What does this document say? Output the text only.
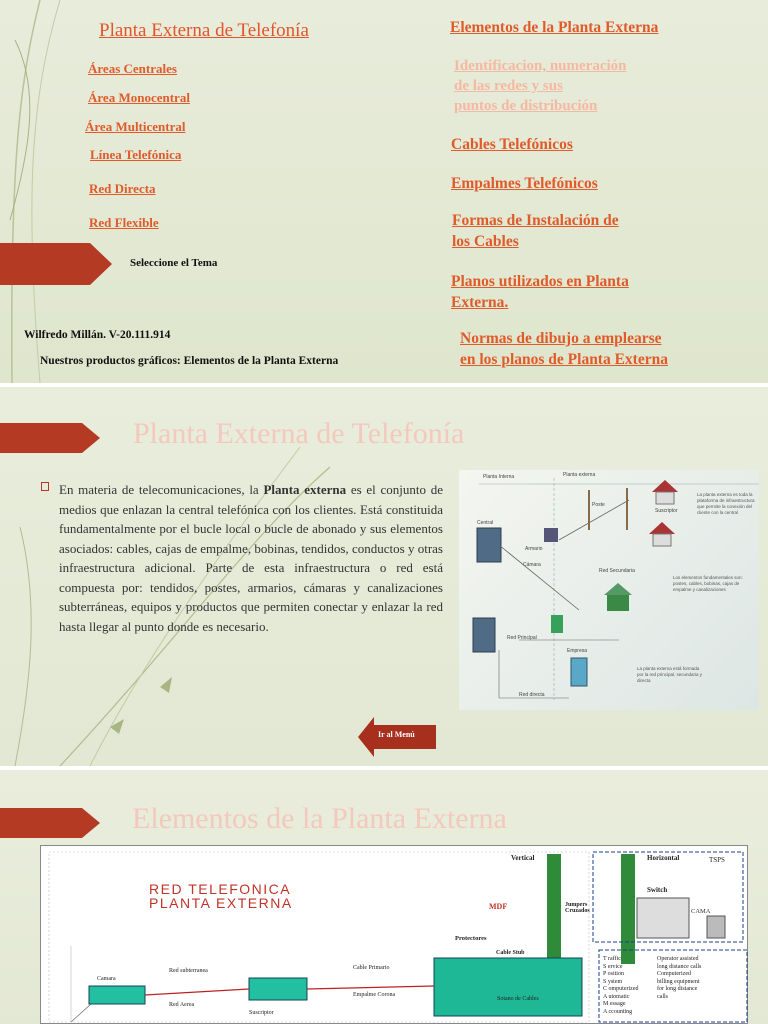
Planta Externa de Telefonía
Áreas Centrales
Área Monocentral
Área Multicentral
Línea Telefónica
Red Directa
Red Flexible
Elementos de la Planta Externa
Identificacion, numeración
de las redes y sus
puntos de distribución
Cables Telefónicos
Empalmes Telefónicos
Formas de Instalación de
los Cables
Planos utilizados en Planta
Externa.
Normas de dibujo a emplearse
en los planos de Planta Externa
Seleccione el Tema
Wilfredo Millán. V-20.111.914
Nuestros productos gráficos: Elementos de la Planta Externa
Planta Externa de Telefonía
En materia de telecomunicaciones, la Planta externa es el conjunto de medios que enlazan la central telefónica con los clientes. Está constituida fundamentalmente por el bucle local o bucle de abonado y sus elementos asociados: cables, cajas de empalme, bobinas, tendidos, conductos y otras infraestructura adicional. Parte de esta infraestructura o red está compuesta por: tendidos, postes, armarios, cámaras y canalizaciones subterráneas, equipos y productos que permiten conectar y enlazar la red hasta llegar al punto donde es necesario.
Planta Interna	Planta externa
Central
Cámara
Armario
Poste
Red Secundaria
Red Principal
Red directa
Suscriptor
Empresa
La planta externa es toda la plataforma de infraestructura que permite la conexión del cliente con la central
Los elementos fundamentales son: postes, cables, bobinas, cajas de empalme y canalizaciones
La planta externa está formada por la red principal, secundaria y directa
Ir al Menú
Elementos de la Planta Externa
RED TELEFONICA
PLANTA EXTERNA
Vertical	Horizontal	TSPS
MDF	Jumpers Cruzados
Switch
CAMA
Protectores
Cable Stub
Camara
Red subterranea	Cable Primario
Empalme Corona
Sotano de Cables
Red Aerea
Suscriptor
T raffic
S ervice
P osition
S ystem
C omputerized
A utomatic
M essage
A ccounting
Operator assisted
long distance calls
Computerized
billing equipment
for long distance
calls
